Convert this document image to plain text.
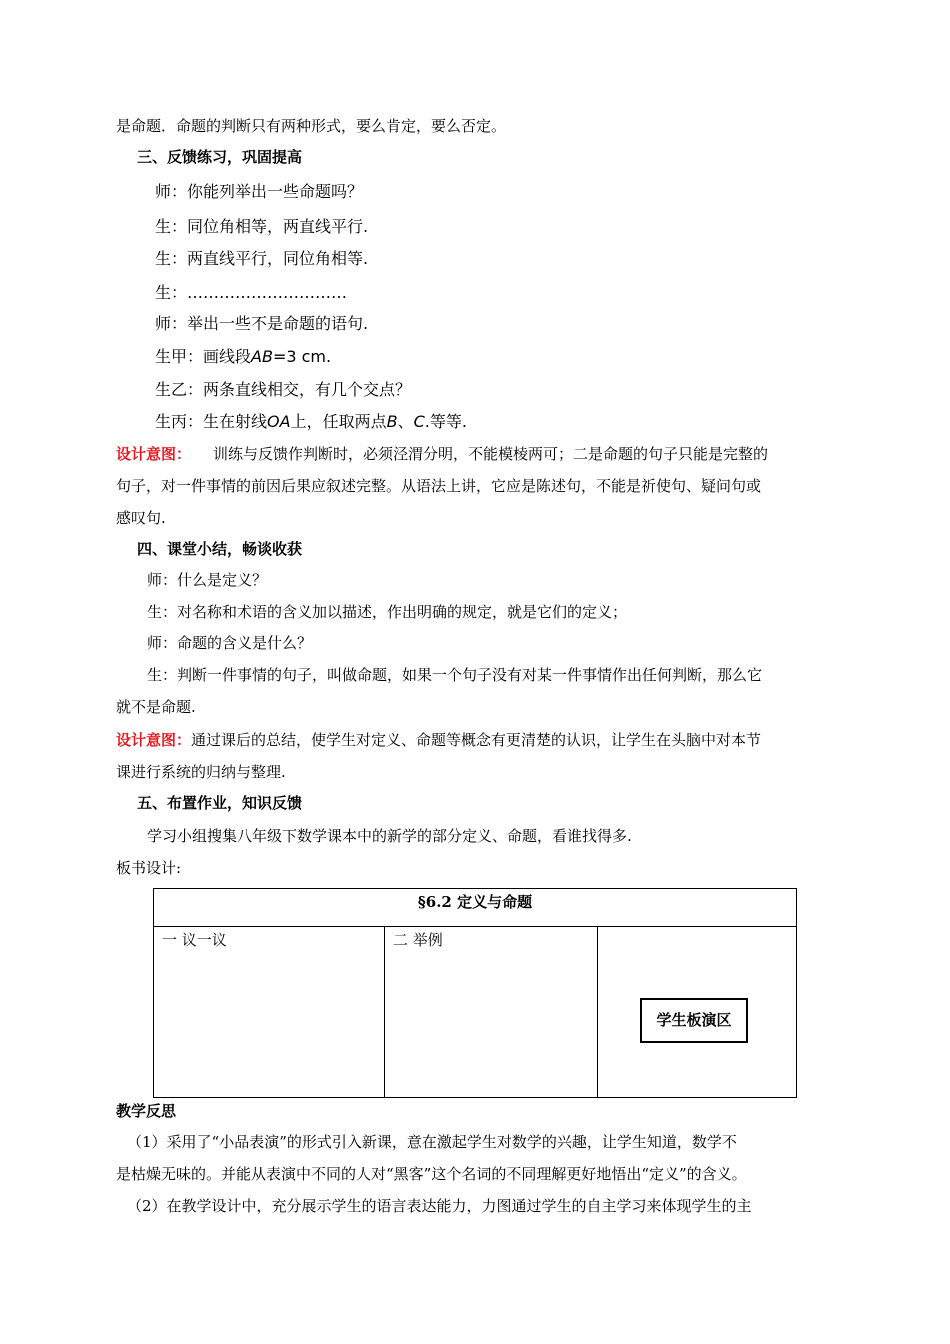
是命题．命题的判断只有两种形式，要么肯定，要么否定。
三、反馈练习，巩固提高
师：你能列举出一些命题吗？
生：同位角相等，两直线平行.
生：两直线平行，同位角相等.
生：…………………………
师：举出一些不是命题的语句.
生甲：画线段AB=3 cm.
生乙：两条直线相交，有几个交点？
生丙：生在射线OA上，任取两点B、C.等等.
设计意图： 训练与反馈作判断时，必须泾渭分明，不能模棱两可；二是命题的句子只能是完整的
句子，对一件事情的前因后果应叙述完整。从语法上讲，它应是陈述句，不能是祈使句、疑问句或
感叹句.
四、课堂小结，畅谈收获
师：什么是定义？
生：对名称和术语的含义加以描述，作出明确的规定，就是它们的定义；
师：命题的含义是什么？
生：判断一件事情的句子，叫做命题，如果一个句子没有对某一件事情作出任何判断，那么它
就不是命题.
设计意图：通过课后的总结，使学生对定义、命题等概念有更清楚的认识，让学生在头脑中对本节
课进行系统的归纳与整理.
五、布置作业，知识反馈
学习小组搜集八年级下数学课本中的新学的部分定义、命题，看谁找得多.
板书设计:
§6.2 定义与命题
一 议一议	二 举例
学生板演区
教学反思
（1）采用了“小品表演”的形式引入新课，意在激起学生对数学的兴趣，让学生知道，数学不
是枯燥无味的。并能从表演中不同的人对“黑客”这个名词的不同理解更好地悟出“定义”的含义。
（2）在教学设计中，充分展示学生的语言表达能力，力图通过学生的自主学习来体现学生的主
